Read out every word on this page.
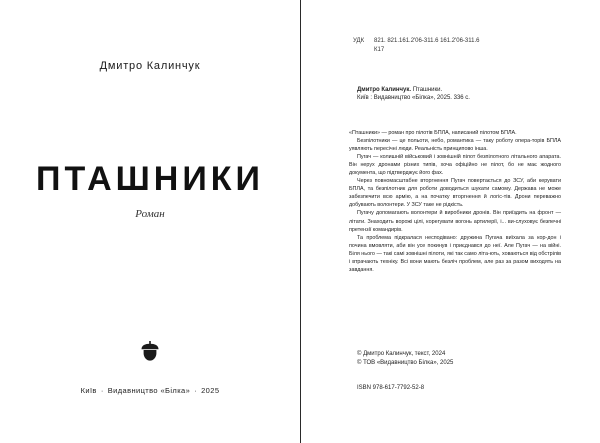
Дмитро Калинчук
ПТАШНИКИ
Роман
Київ · Видавництво «Білка» · 2025
УДК	821. 821.161.2'06-311.6 161.2'06-311.6
К17
Дмитро Калинчук. Пташники.
Київ : Видавництво «Білка», 2025. 336 с.

«Пташники» — роман про пілотів БПЛА, написаний пілотом БПЛА.

Безпілотники — це польоти, небо, романтика — таку роботу опера-торів БПЛА уявляють пересічні люди. Реальність принципово інша.

Пугач — колишній військовий і зовнішній пілот безпілотного літального апарата. Він нерух дронами різних типів, хоча офіційно не пілот, бо не має жодного документа, що підтверджує його фах.

Через повномасштабне вторгнення Пугач повертається до ЗСУ, аби керувати БПЛА, та безпілотник для роботи доводиться шукати самому. Держава не може забезпечити всю армію, а на початку вторгнення й логіс-тів. Дрони переважно добувають волонтери. У ЗСУ таке не рідкість.

Пугачу допомагають волонтери й виробники дронів. Він приїздить на фронт — літати. Знаходить ворожі цілі, корегувати вогонь артилерії, і... ви-слуховує безпечні претензії командирів.

Та проблема підкралася несподівано: дружина Пугача виїхала за кор-дон і почина вмовляти, аби він усе покинув і приєднався до неї. Але Пугач — на війні. Біля нього — такі самі зовнішні пілоти, які так само літа-ють, ховаються від обстрілів і втрачають техніку. Всі вони мають безліч проблем, але раз за разом виходять на завдання.

© Дмитро Калинчук, текст, 2024
© ТОВ «Видавництво Білка», 2025
ISBN 978-617-7792-52-8
